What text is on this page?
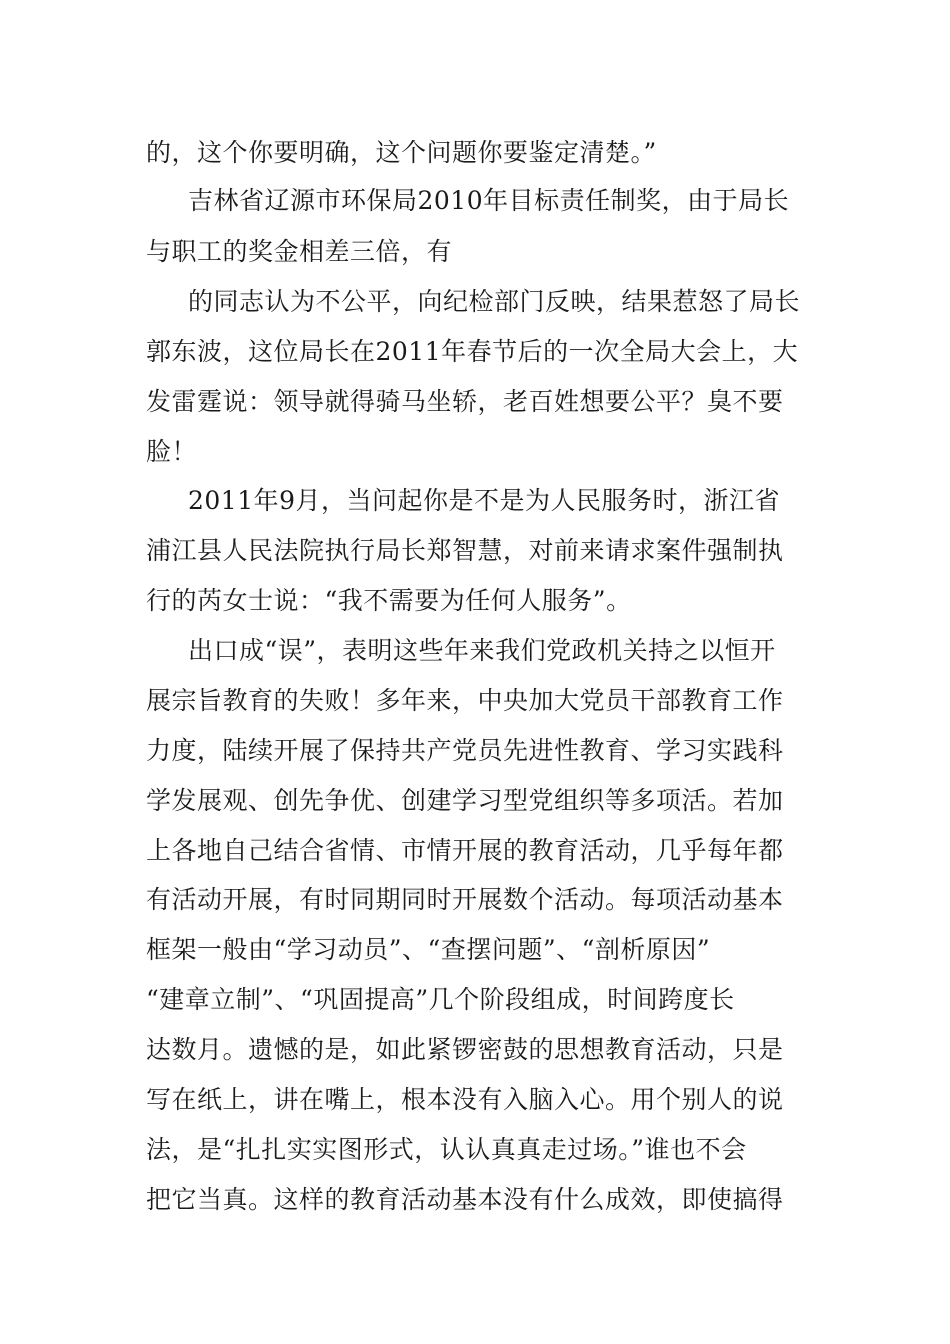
的，这个你要明确，这个问题你要鉴定清楚。”
吉林省辽源市环保局2010年目标责任制奖，由于局长
与职工的奖金相差三倍，有
的同志认为不公平，向纪检部门反映，结果惹怒了局长
郭东波，这位局长在2011年春节后的一次全局大会上，大
发雷霆说：领导就得骑马坐轿，老百姓想要公平？臭不要
脸！
2011年9月，当问起你是不是为人民服务时，浙江省
浦江县人民法院执行局长郑智慧，对前来请求案件强制执
行的芮女士说：“我不需要为任何人服务”。
出口成“误”，表明这些年来我们党政机关持之以恒开
展宗旨教育的失败！多年来，中央加大党员干部教育工作
力度，陆续开展了保持共产党员先进性教育、学习实践科
学发展观、创先争优、创建学习型党组织等多项活。若加
上各地自己结合省情、市情开展的教育活动，几乎每年都
有活动开展，有时同期同时开展数个活动。每项活动基本
框架一般由“学习动员”、“查摆问题”、“剖析原因”
“建章立制”、“巩固提高”几个阶段组成，时间跨度长
达数月。遗憾的是，如此紧锣密鼓的思想教育活动，只是
写在纸上，讲在嘴上，根本没有入脑入心。用个别人的说
法，是“扎扎实实图形式，认认真真走过场。”谁也不会
把它当真。这样的教育活动基本没有什么成效，即使搞得
